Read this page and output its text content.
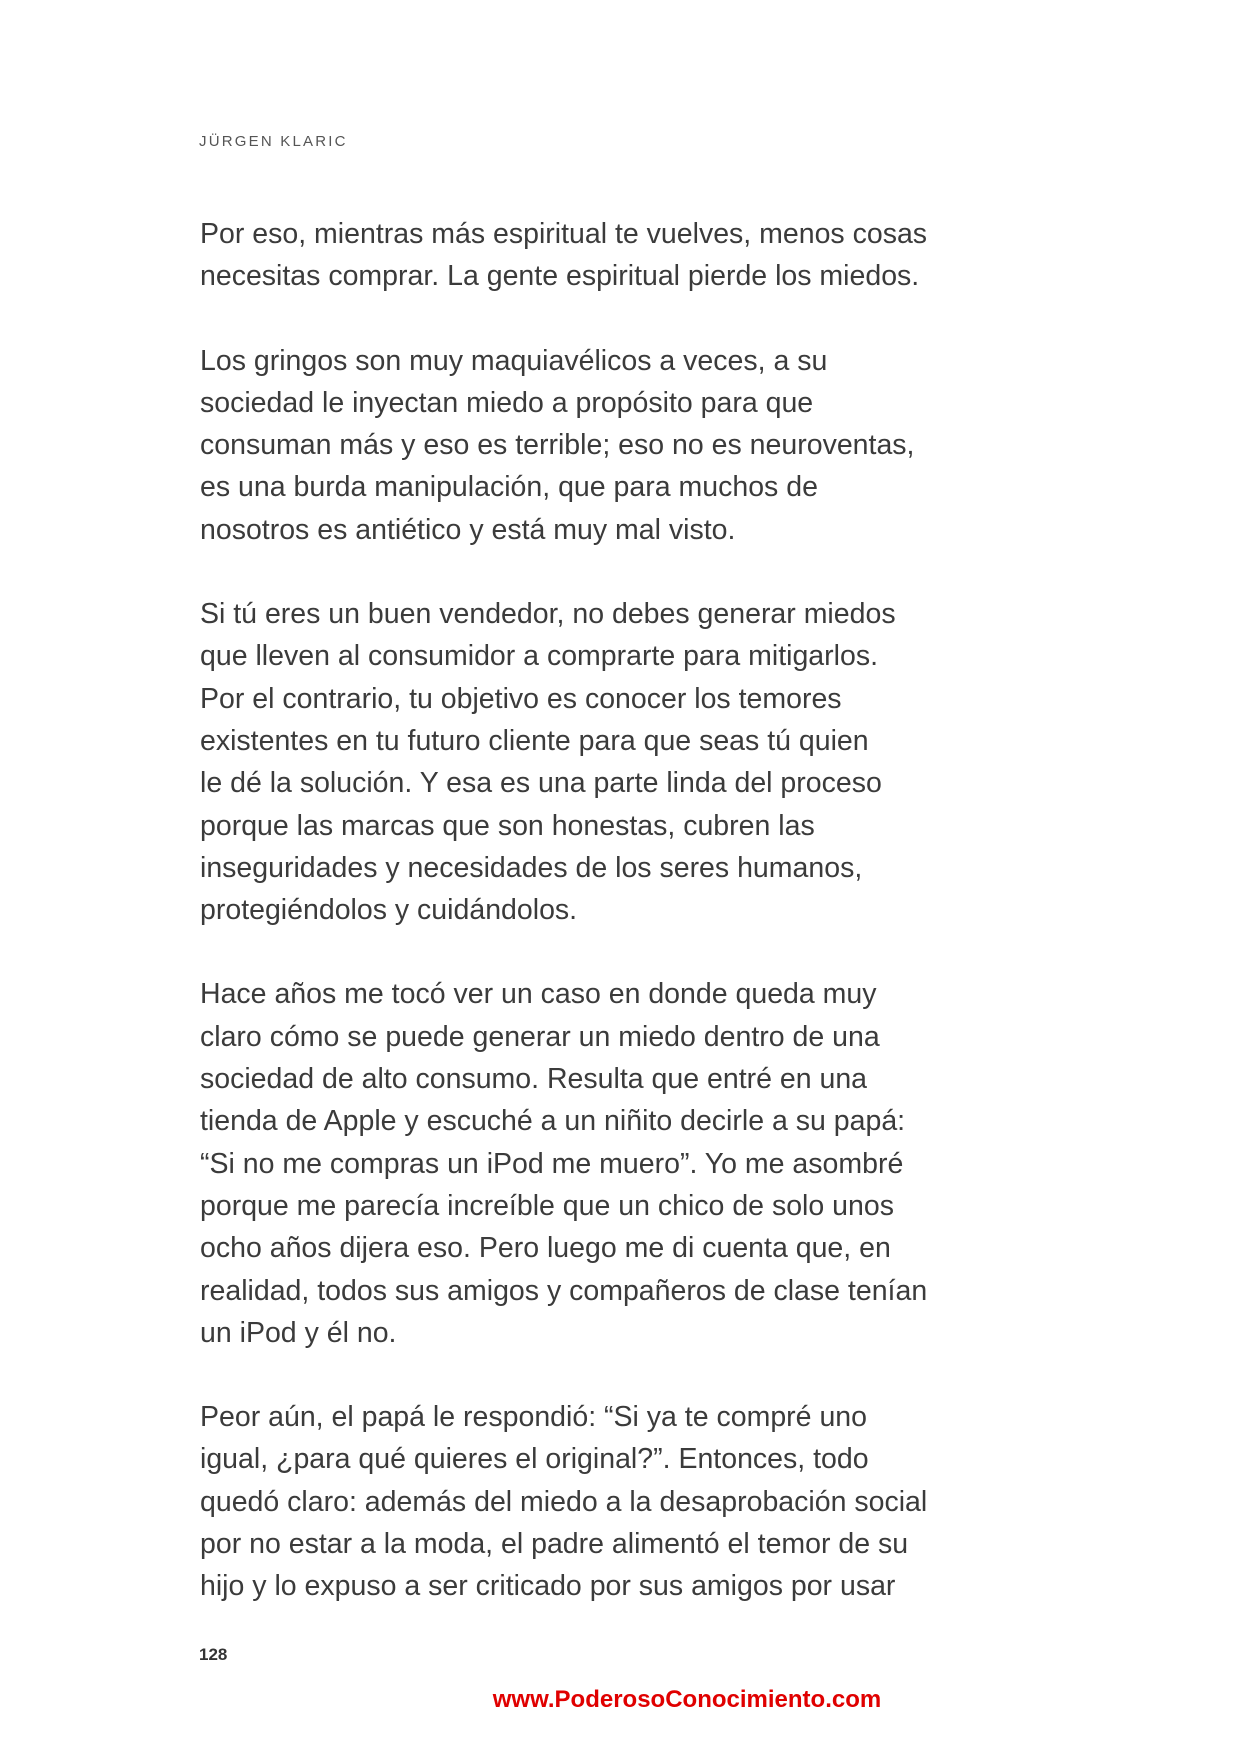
JÜRGEN KLARIC

Por eso, mientras más espiritual te vuelves, menos cosas
necesitas comprar. La gente espiritual pierde los miedos.

Los gringos son muy maquiavélicos a veces, a su
sociedad le inyectan miedo a propósito para que
consuman más y eso es terrible; eso no es neuroventas,
es una burda manipulación, que para muchos de
nosotros es antiético y está muy mal visto.

Si tú eres un buen vendedor, no debes generar miedos
que lleven al consumidor a comprarte para mitigarlos.
Por el contrario, tu objetivo es conocer los temores
existentes en tu futuro cliente para que seas tú quien
le dé la solución. Y esa es una parte linda del proceso
porque las marcas que son honestas, cubren las
inseguridades y necesidades de los seres humanos,
protegiéndolos y cuidándolos.

Hace años me tocó ver un caso en donde queda muy
claro cómo se puede generar un miedo dentro de una
sociedad de alto consumo. Resulta que entré en una
tienda de Apple y escuché a un niñito decirle a su papá:
“Si no me compras un iPod me muero”. Yo me asombré
porque me parecía increíble que un chico de solo unos
ocho años dijera eso. Pero luego me di cuenta que, en
realidad, todos sus amigos y compañeros de clase tenían
un iPod y él no.

Peor aún, el papá le respondió: “Si ya te compré uno
igual, ¿para qué quieres el original?”. Entonces, todo
quedó claro: además del miedo a la desaprobación social
por no estar a la moda, el padre alimentó el temor de su
hijo y lo expuso a ser criticado por sus amigos por usar

128
www.PoderosoConocimiento.com
